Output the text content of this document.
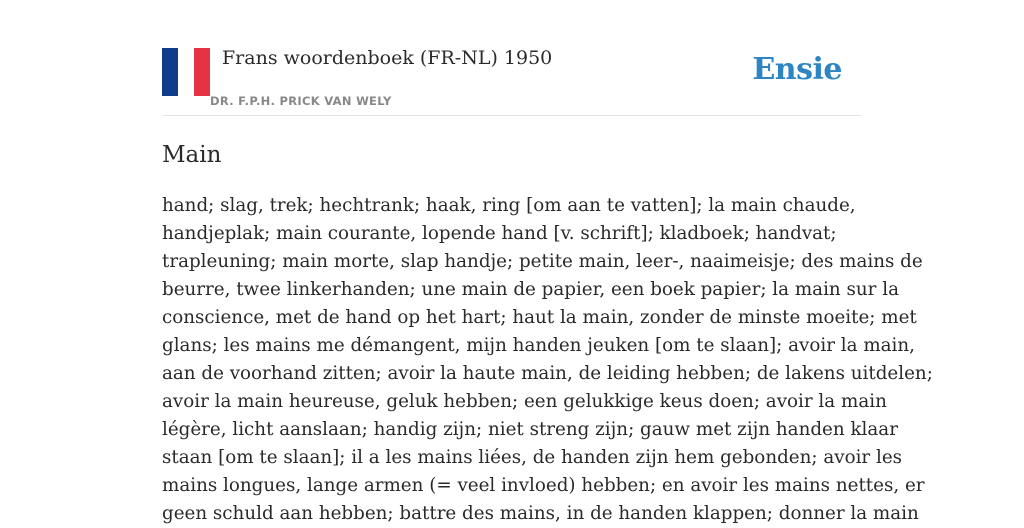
Frans woordenboek (FR-NL) 1950
DR. F.P.H. PRICK VAN WELY
Ensie
Main
hand; slag, trek; hechtrank; haak, ring [om aan te vatten]; la main chaude,
handjeplak; main courante, lopende hand [v. schrift]; kladboek; handvat;
trapleuning; main morte, slap handje; petite main, leer-, naaimeisje; des mains de
beurre, twee linkerhanden; une main de papier, een boek papier; la main sur la
conscience, met de hand op het hart; haut la main, zonder de minste moeite; met
glans; les mains me démangent, mijn handen jeuken [om te slaan]; avoir la main,
aan de voorhand zitten; avoir la haute main, de leiding hebben; de lakens uitdelen;
avoir la main heureuse, geluk hebben; een gelukkige keus doen; avoir la main
légère, licht aanslaan; handig zijn; niet streng zijn; gauw met zijn handen klaar
staan [om te slaan]; il a les mains liées, de handen zijn hem gebonden; avoir les
mains longues, lange armen (= veel invloed) hebben; en avoir les mains nettes, er
geen schuld aan hebben; battre des mains, in de handen klappen; donner la main
